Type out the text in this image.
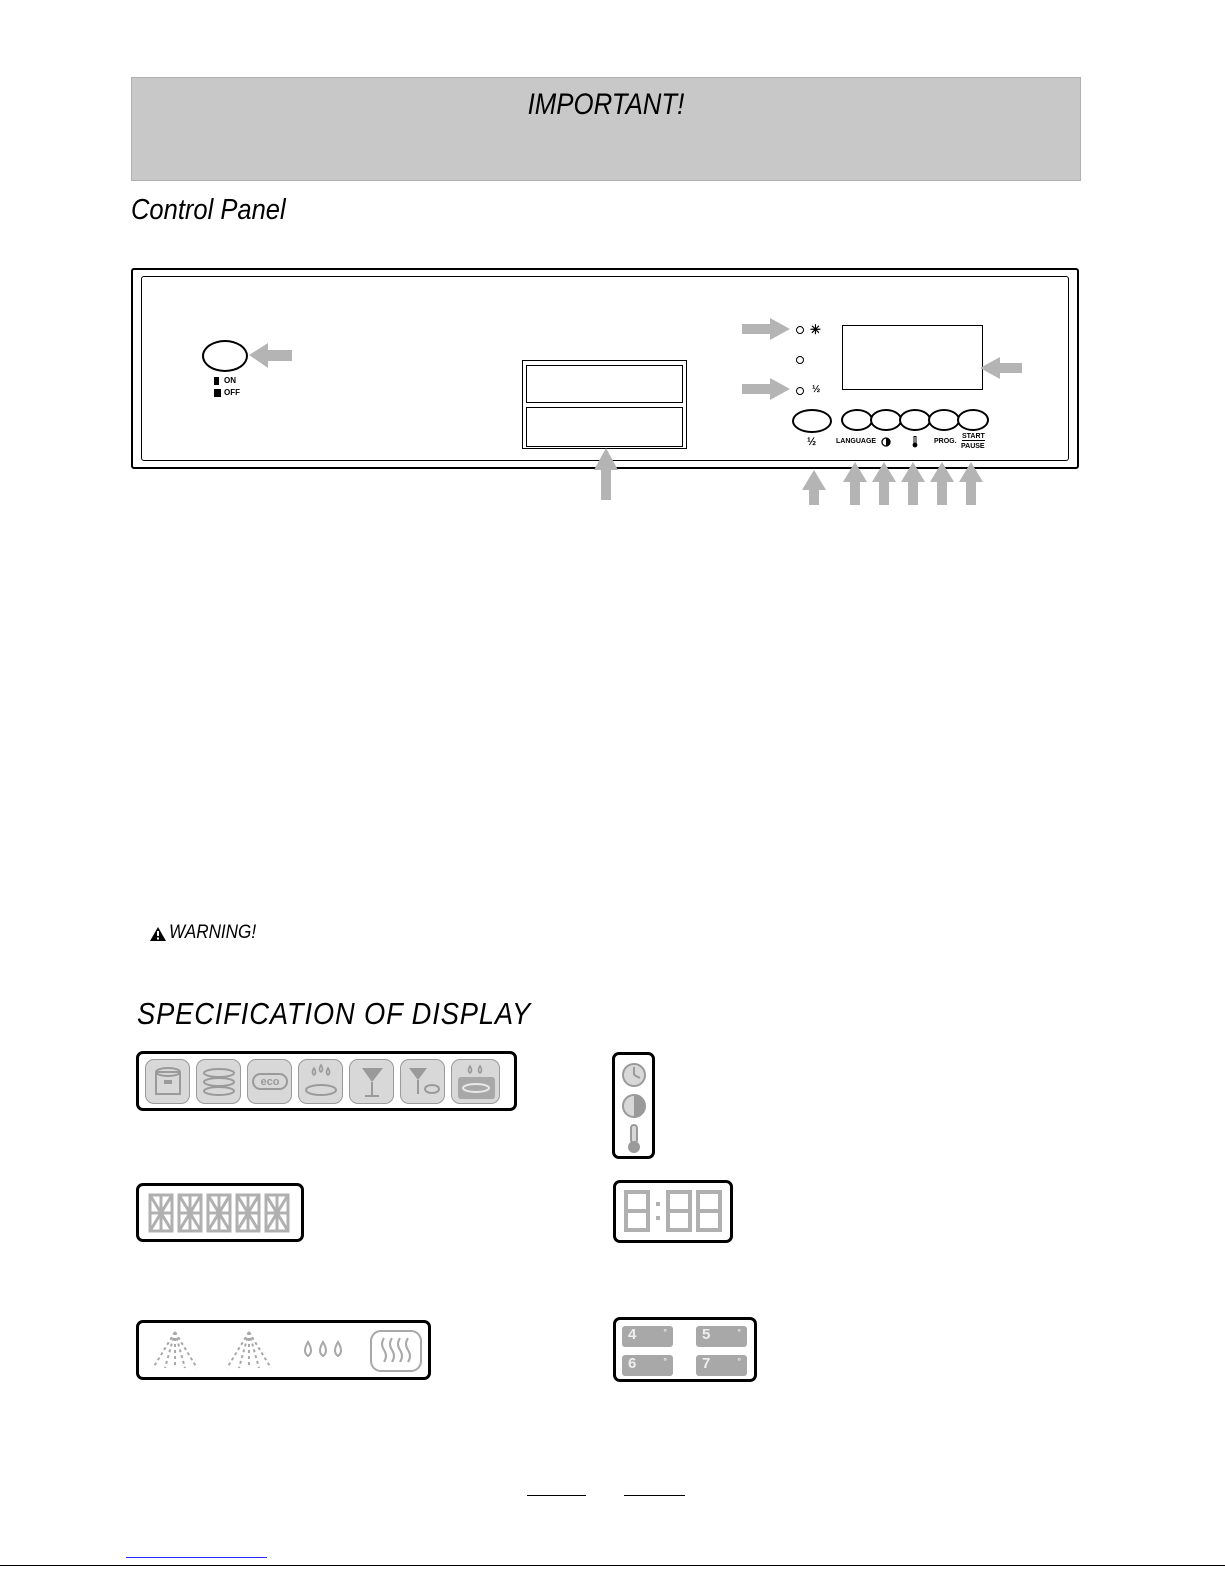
IMPORTANT!
Control Panel
ON
OFF
✳
½
½	LANGUAGE	PROG.
START
PAUSE
WARNING!
SPECIFICATION OF DISPLAY
eco
4	°	5	°
6	°	7	°
